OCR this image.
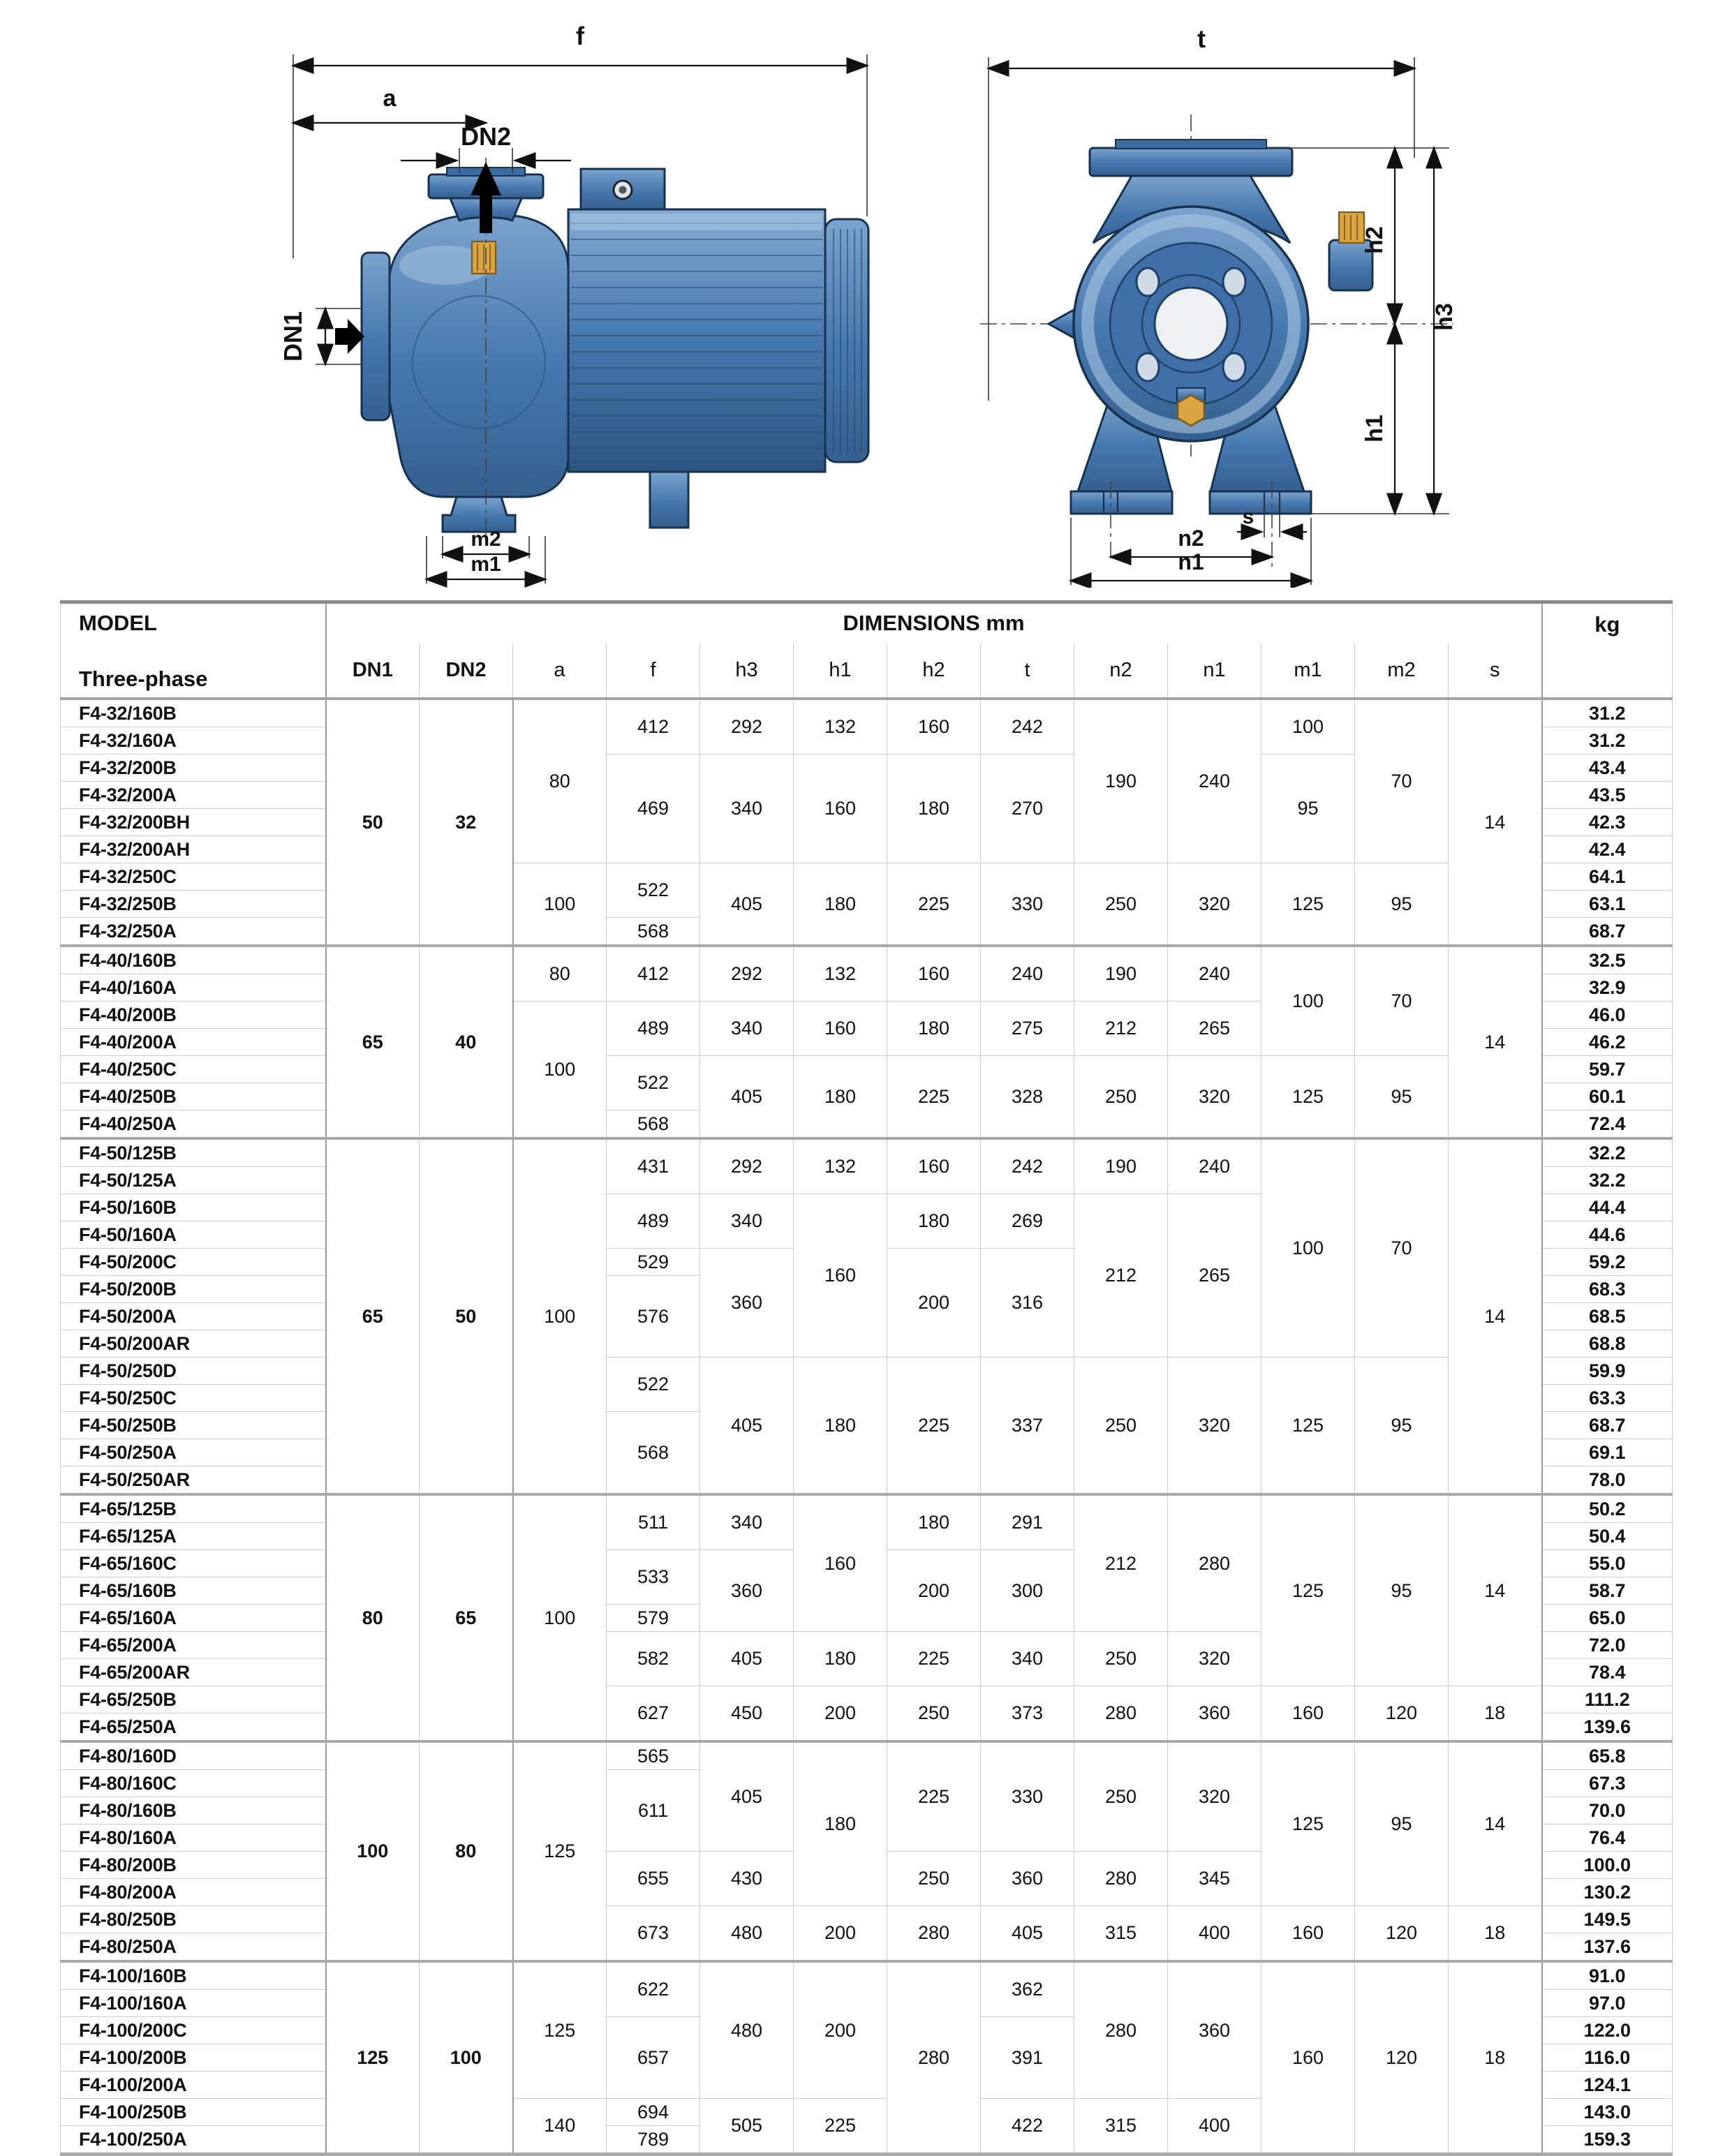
f
a
DN2
DN1
m2
m1
t
h2
h3
h1
s
n2
n1
MODEL
Three-phase	DIMENSIONS mm													kg
	DN1	DN2	a	f	h3	h1	h2	t	n2	n1	m1	m2	s	
F4-32/160B	50	32	80	412	292	132	160	242	190	240	100	70	14	31.2
F4-32/160A														31.2
F4-32/200B				469	340	160	180	270			95			43.4
F4-32/200A														43.5
F4-32/200BH														42.3
F4-32/200AH														42.4
F4-32/250C			100	522	405	180	225	330	250	320	125	95		64.1
F4-32/250B														63.1
F4-32/250A				568										68.7
F4-40/160B	65	40	80	412	292	132	160	240	190	240	100	70	14	32.5
F4-40/160A														32.9
F4-40/200B			100	489	340	160	180	275	212	265				46.0
F4-40/200A														46.2
F4-40/250C				522	405	180	225	328	250	320	125	95		59.7
F4-40/250B														60.1
F4-40/250A				568										72.4
F4-50/125B	65	50	100	431	292	132	160	242	190	240	100	70	14	32.2
F4-50/125A														32.2
F4-50/160B				489	340	160	180	269	212	265				44.4
F4-50/160A														44.6
F4-50/200C				529	360		200	316						59.2
F4-50/200B				576										68.3
F4-50/200A														68.5
F4-50/200AR														68.8
F4-50/250D				522	405	180	225	337	250	320	125	95		59.9
F4-50/250C														63.3
F4-50/250B				568										68.7
F4-50/250A														69.1
F4-50/250AR														78.0
F4-65/125B	80	65	100	511	340	160	180	291	212	280	125	95	14	50.2
F4-65/125A														50.4
F4-65/160C				533	360		200	300						55.0
F4-65/160B														58.7
F4-65/160A				579										65.0
F4-65/200A				582	405	180	225	340	250	320				72.0
F4-65/200AR														78.4
F4-65/250B				627	450	200	250	373	280	360	160	120	18	111.2
F4-65/250A														139.6
F4-80/160D	100	80	125	565	405	180	225	330	250	320	125	95	14	65.8
F4-80/160C				611										67.3
F4-80/160B														70.0
F4-80/160A														76.4
F4-80/200B				655	430		250	360	280	345				100.0
F4-80/200A														130.2
F4-80/250B				673	480	200	280	405	315	400	160	120	18	149.5
F4-80/250A														137.6
F4-100/160B	125	100	125	622	480	200	280	362	280	360	160	120	18	91.0
F4-100/160A														97.0
F4-100/200C				657				391						122.0
F4-100/200B														116.0
F4-100/200A														124.1
F4-100/250B			140	694	505	225		422	315	400				143.0
F4-100/250A				789										159.3
